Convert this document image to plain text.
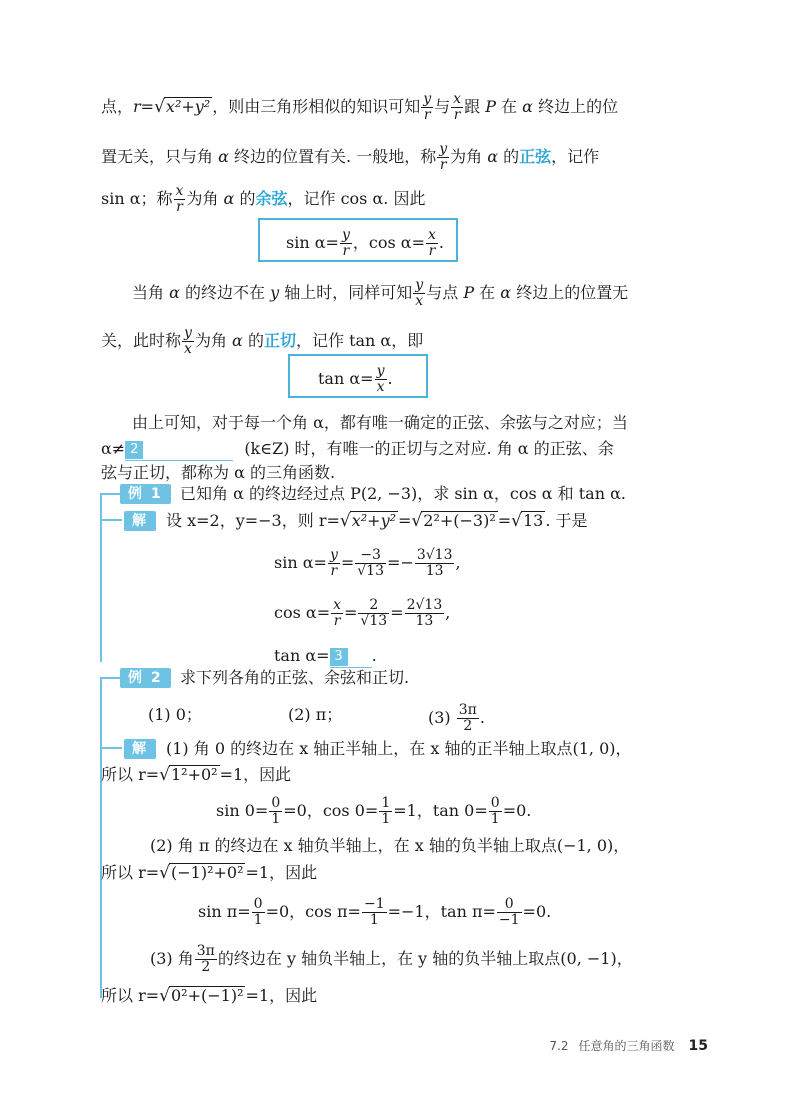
点，r=√x²+y² ，则由三角形相似的知识可知 $\frac{y}{r}$ 与 $\frac{x}{r}$ 跟 P 在 α 终边上的位
置无关，只与角 α 终边的位置有关. 一般地，称 $\frac{y}{r}$ 为角 α 的正弦，记作
sin α；称 $\frac{x}{r}$ 为角 α 的余弦，记作 cos α. 因此
$\sin \alpha= \frac{y}{r}$ ，$\cos \alpha= \frac{x}{r}$ .
当角 α 的终边不在 y 轴上时，同样可知 $\frac{y}{x}$ 与点 P 在 α 终边上的位置无
关，此时称 $\frac{y}{x}$ 为角 α 的正切，记作 tan α，即
$\tan \alpha= \frac{y}{x}$ .
由上可知，对于每一个角 α，都有唯一确定的正弦、余弦与之对应；当
α≠ 2	(k∈Z) 时，有唯一的正切与之对应. 角 α 的正弦、余
弦与正切，都称为 α 的三角函数.
例 1	已知角 α 的终边经过点 P(2, −3)，求 sin α，cos α 和 tan α.
解	设 x=2，y=−3，则 r=√x²+y² =√2²+(−3)² =√13 . 于是
$\sin \alpha= \frac{y}{r} = \frac{-3}{√13} =- \frac{3√13}{13}$ ,
$\cos \alpha= \frac{x}{r} = \frac{2}{√13} = \frac{2√13}{13}$ ,
tan α= 3 .
例 2	求下列各角的正弦、余弦和正切.
(1) 0；	(2) π；	$(3) \frac{3\pi}{2}$ .
解	(1) 角 0 的终边在 x 轴正半轴上，在 x 轴的正半轴上取点(1, 0)，
所以 r=√1²+0² =1，因此
$\sin 0= \frac{0}{1} =0$，$\cos 0= \frac{1}{1} =1$，$\tan 0= \frac{0}{1} =0$.
(2) 角 π 的终边在 x 轴负半轴上，在 x 轴的负半轴上取点(−1, 0)，
所以 r=√(−1)²+0² =1，因此
$\sin \pi= \frac{0}{1} =0$，$\cos \pi= \frac{-1}{1} =-1$，$\tan \pi= \frac{0}{-1} =0$.
(3) 角 $\frac{3\pi}{2}$ 的终边在 y 轴负半轴上，在 y 轴的负半轴上取点(0, −1)，
所以 r=√0²+(−1)² =1，因此
7.2 任意角的三角函数 15
